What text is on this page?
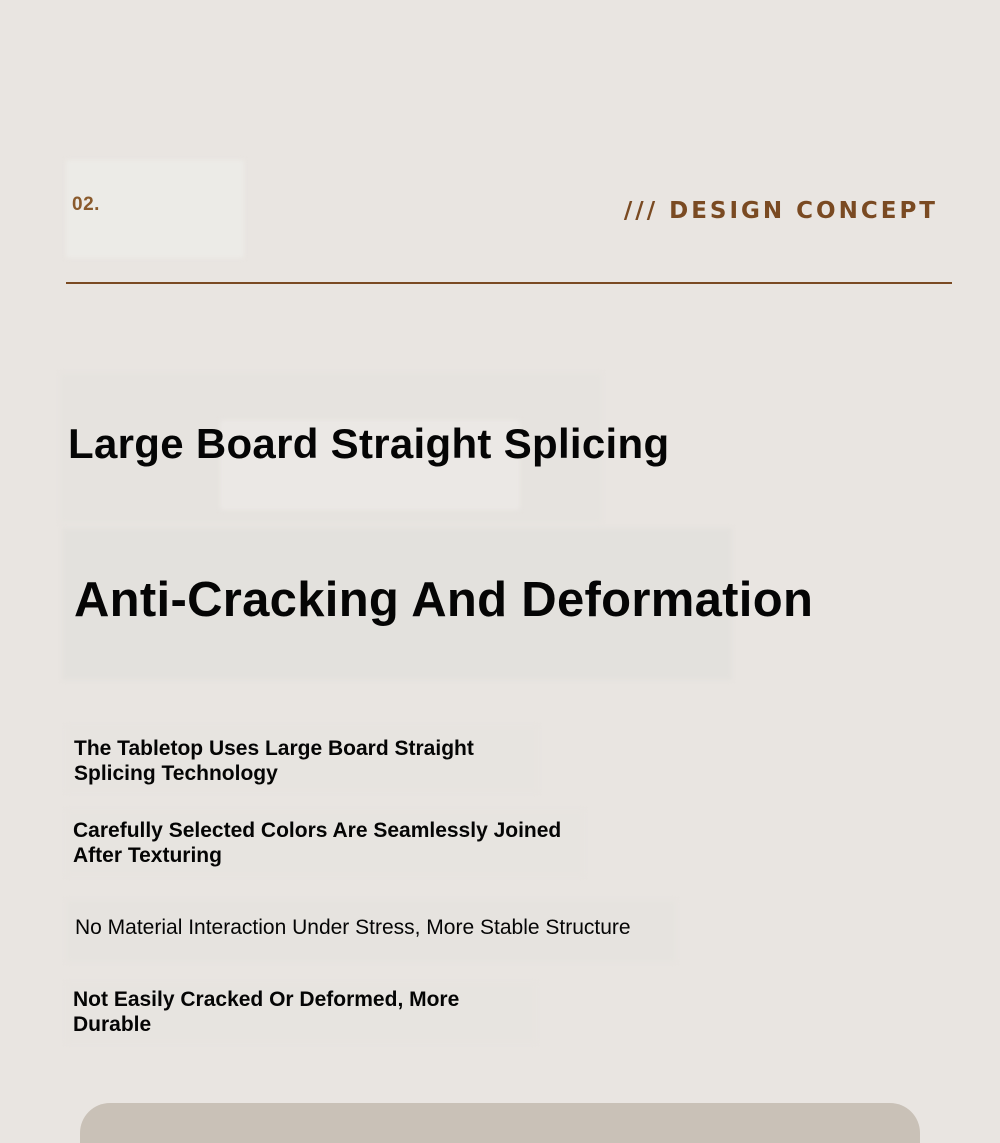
02.	/// DESIGN CONCEPT
Large Board Straight Splicing
Anti-Cracking And Deformation
The Tabletop Uses Large Board Straight Splicing Technology
Carefully Selected Colors Are Seamlessly Joined After Texturing
No Material Interaction Under Stress, More Stable Structure
Not Easily Cracked Or Deformed, More Durable
